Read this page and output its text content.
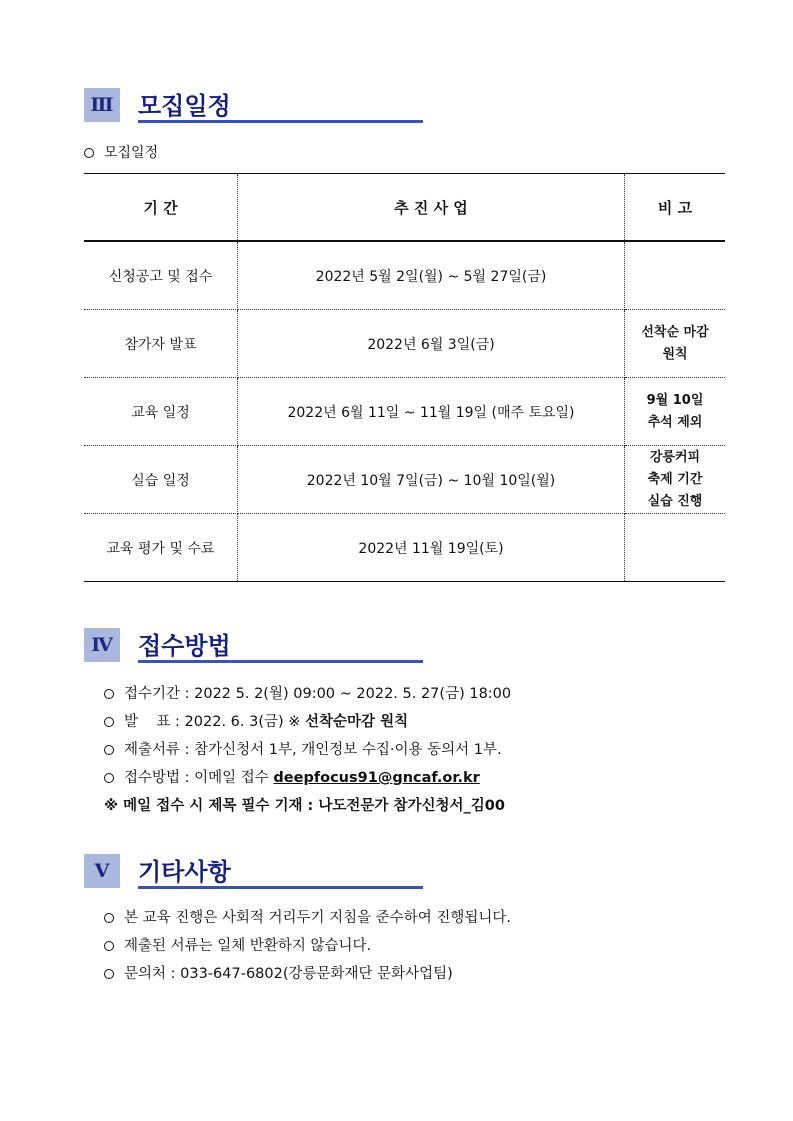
Ⅲ 모집일정
모집일정
기 간	추 진 사 업	비 고
신청공고 및 접수	2022년 5월 2일(월) ~ 5월 27일(금)	

참가자 발표	2022년 6월 3일(금)	선착순 마감
원칙

교육 일정	2022년 6월 11일 ~ 11월 19일 (매주 토요일)	9월 10일
추석 제외

실습 일정	2022년 10월 7일(금) ~ 10월 10일(월)	강릉커피
축제 기간
실습 진행

교육 평가 및 수료	2022년 11월 19일(토)	
Ⅳ	접수방법
접수기간 : 2022 5. 2(월) 09:00 ~ 2022. 5. 27(금) 18:00
발    표 : 2022. 6. 3(금) ※ 선착순마감 원칙
제출서류 : 참가신청서 1부, 개인정보 수집·이용 동의서 1부.
접수방법 : 이메일 접수 deepfocus91@gncaf.or.kr
※ 메일 접수 시 제목 필수 기재 : 나도전문가 참가신청서_김00
Ⅴ	기타사항
본 교육 진행은 사회적 거리두기 지침을 준수하여 진행됩니다.
제출된 서류는 일체 반환하지 않습니다.
문의처 : 033-647-6802(강릉문화재단 문화사업팀)
